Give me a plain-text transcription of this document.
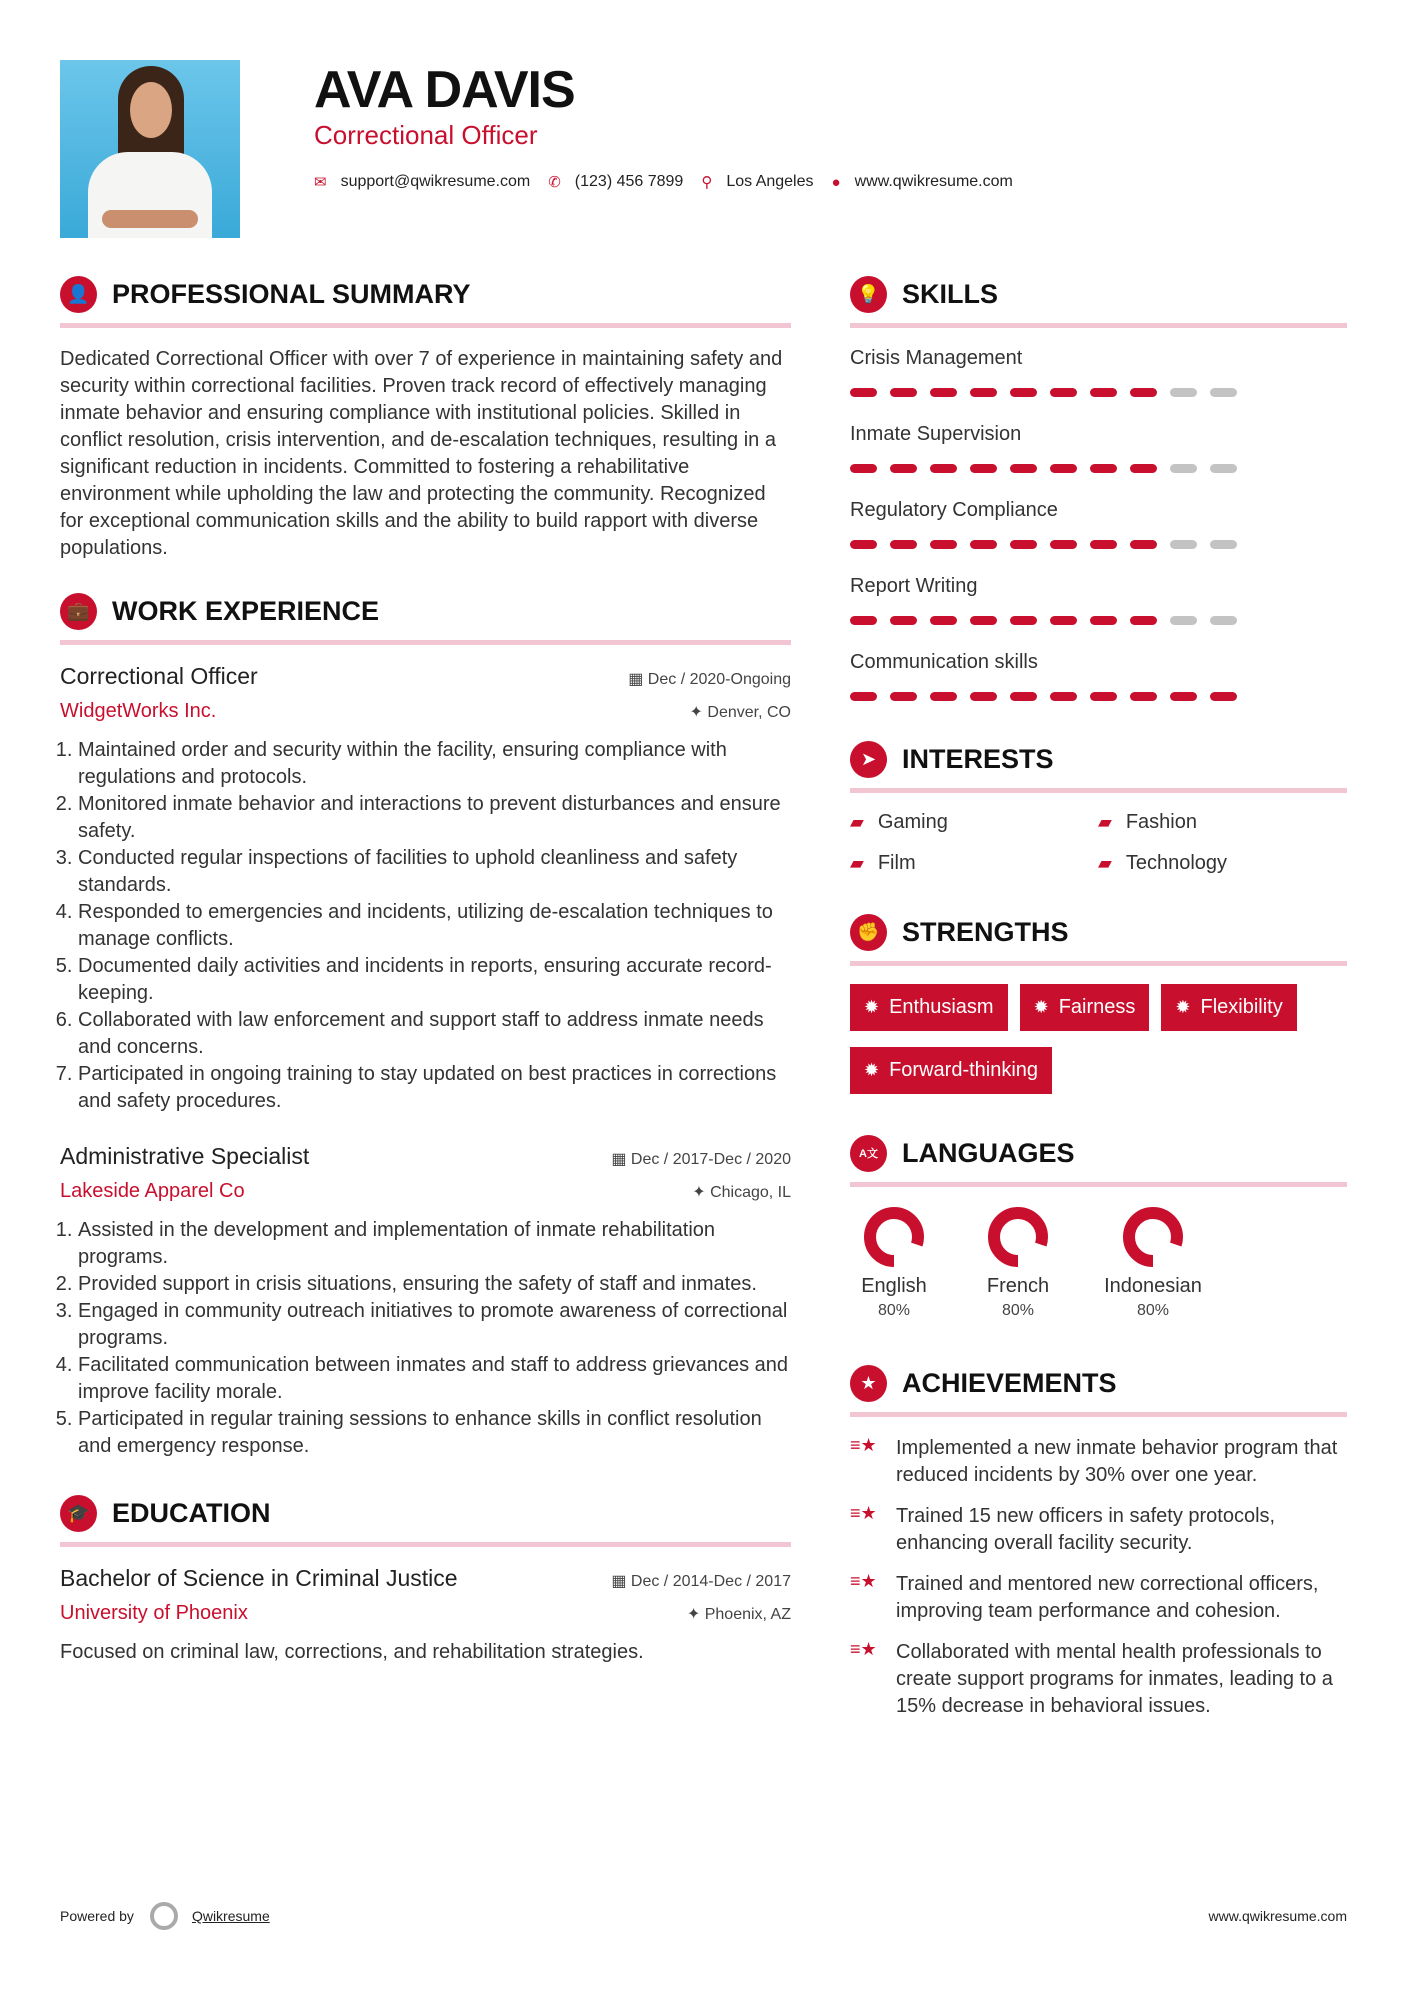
AVA DAVIS
Correctional Officer
✉ support@qwikresume.com ✆ (123) 456 7899 ⚲ Los Angeles ● www.qwikresume.com
👤 PROFESSIONAL SUMMARY

Dedicated Correctional Officer with over 7 of experience in maintaining safety and security within correctional facilities. Proven track record of effectively managing inmate behavior and ensuring compliance with institutional policies. Skilled in conflict resolution, crisis intervention, and de-escalation techniques, resulting in a significant reduction in incidents. Committed to fostering a rehabilitative environment while upholding the law and protecting the community. Recognized for exceptional communication skills and the ability to build rapport with diverse populations.

💼 WORK EXPERIENCE
Correctional Officer	▦ Dec / 2020-Ongoing
WidgetWorks Inc.	✦ Denver, CO
1. Maintained order and security within the facility, ensuring compliance with regulations and protocols.
2. Monitored inmate behavior and interactions to prevent disturbances and ensure safety.
3. Conducted regular inspections of facilities to uphold cleanliness and safety standards.
4. Responded to emergencies and incidents, utilizing de-escalation techniques to manage conflicts.
5. Documented daily activities and incidents in reports, ensuring accurate record-keeping.
6. Collaborated with law enforcement and support staff to address inmate needs and concerns.
7. Participated in ongoing training to stay updated on best practices in corrections and safety procedures.
Administrative Specialist	▦ Dec / 2017-Dec / 2020
Lakeside Apparel Co	✦ Chicago, IL
1. Assisted in the development and implementation of inmate rehabilitation programs.
2. Provided support in crisis situations, ensuring the safety of staff and inmates.
3. Engaged in community outreach initiatives to promote awareness of correctional programs.
4. Facilitated communication between inmates and staff to address grievances and improve facility morale.
5. Participated in regular training sessions to enhance skills in conflict resolution and emergency response.
🎓 EDUCATION
Bachelor of Science in Criminal Justice	▦ Dec / 2014-Dec / 2017
University of Phoenix	✦ Phoenix, AZ

Focused on criminal law, corrections, and rehabilitation strategies.

💡 SKILLS
Crisis Management
Inmate Supervision
Regulatory Compliance
Report Writing
Communication skills
➤ INTERESTS
▰ Gaming	▰ Fashion
▰ Film	▰ Technology
✊ STRENGTHS
✹ Enthusiasm ✹ Fairness ✹ Flexibility
✹ Forward-thinking
A文 LANGUAGES
English
80%
French
80%
Indonesian
80%
★ ACHIEVEMENTS
≡★ Implemented a new inmate behavior program that reduced incidents by 30% over one year.
≡★ Trained 15 new officers in safety protocols, enhancing overall facility security.
≡★ Trained and mentored new correctional officers, improving team performance and cohesion.
≡★ Collaborated with mental health professionals to create support programs for inmates, leading to a 15% decrease in behavioral issues.
Powered by	Qwikresume	www.qwikresume.com
